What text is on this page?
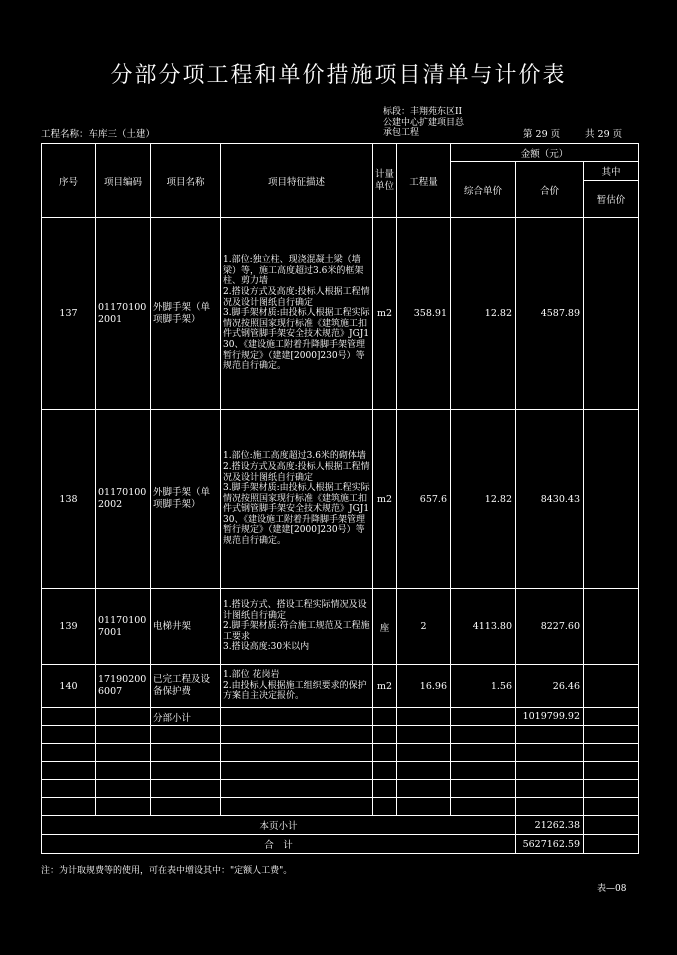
分部分项工程和单价措施项目清单与计价表
标段：丰翔苑东区II
公建中心扩建项目总
承包工程
工程名称：车库三（土建）	第 29 页	共 29 页
序号	项目编码	项目名称	项目特征描述	计量单位	工程量	金额（元）		
						综合单价	合价	其中
								暂估价
137	011701002001	外脚手架（单项脚手架）	1.部位:独立柱、现浇混凝土梁（墙梁）等，施工高度超过3.6米的框架柱、剪力墙
2.搭设方式及高度:投标人根据工程情况及设计图纸自行确定
3.脚手架材质:由投标人根据工程实际情况按照国家现行标准《建筑施工扣件式钢管脚手架安全技术规范》JGJ130、《建设施工附着升降脚手架管理暂行规定》（建建[2000]230号）等规范自行确定。	m2	358.91	12.82	4587.89	
138	011701002002	外脚手架（单项脚手架）	1.部位:施工高度超过3.6米的砌体墙
2.搭设方式及高度:投标人根据工程情况及设计图纸自行确定
3.脚手架材质:由投标人根据工程实际情况按照国家现行标准《建筑施工扣件式钢管脚手架安全技术规范》JGJ130、《建设施工附着升降脚手架管理暂行规定》（建建[2000]230号）等规范自行确定。	m2	657.6	12.82	8430.43	
139	011701007001	电梯井架	1.搭设方式、搭设工程实际情况及设计图纸自行确定
2.脚手架材质:符合施工规范及工程施工要求
3.搭设高度:30米以内	座	2	4113.80	8227.60	
140	171902006007	已完工程及设备保护费	1.部位 花岗岩
2.由投标人根据施工组织要求的保护方案自主决定报价。	m2	16.96	1.56	26.46	
		分部小计					1019799.92	

本页小计							21262.38	
合　计							5627162.59	
注：为计取规费等的使用，可在表中增设其中："定额人工费"。
表—08
